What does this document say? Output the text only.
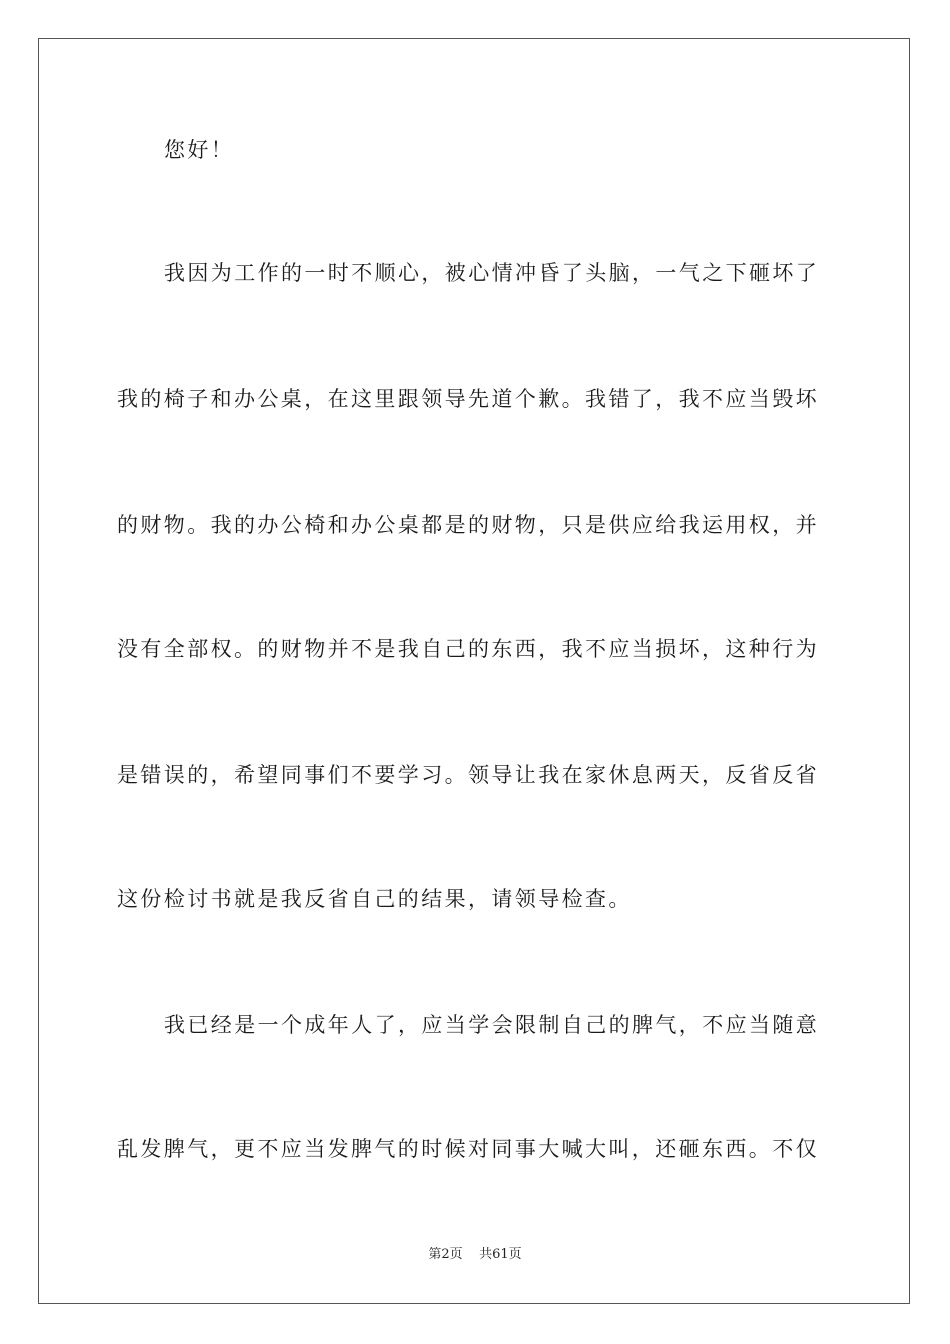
您好！
我因为工作的一时不顺心，被心情冲昏了头脑，一气之下砸坏了
我的椅子和办公桌，在这里跟领导先道个歉。我错了，我不应当毁坏
的财物。我的办公椅和办公桌都是的财物，只是供应给我运用权，并
没有全部权。的财物并不是我自己的东西，我不应当损坏，这种行为
是错误的，希望同事们不要学习。领导让我在家休息两天，反省反省
这份检讨书就是我反省自己的结果，请领导检查。
我已经是一个成年人了，应当学会限制自己的脾气，不应当随意
乱发脾气，更不应当发脾气的时候对同事大喊大叫，还砸东西。不仅
第2页 共61页
